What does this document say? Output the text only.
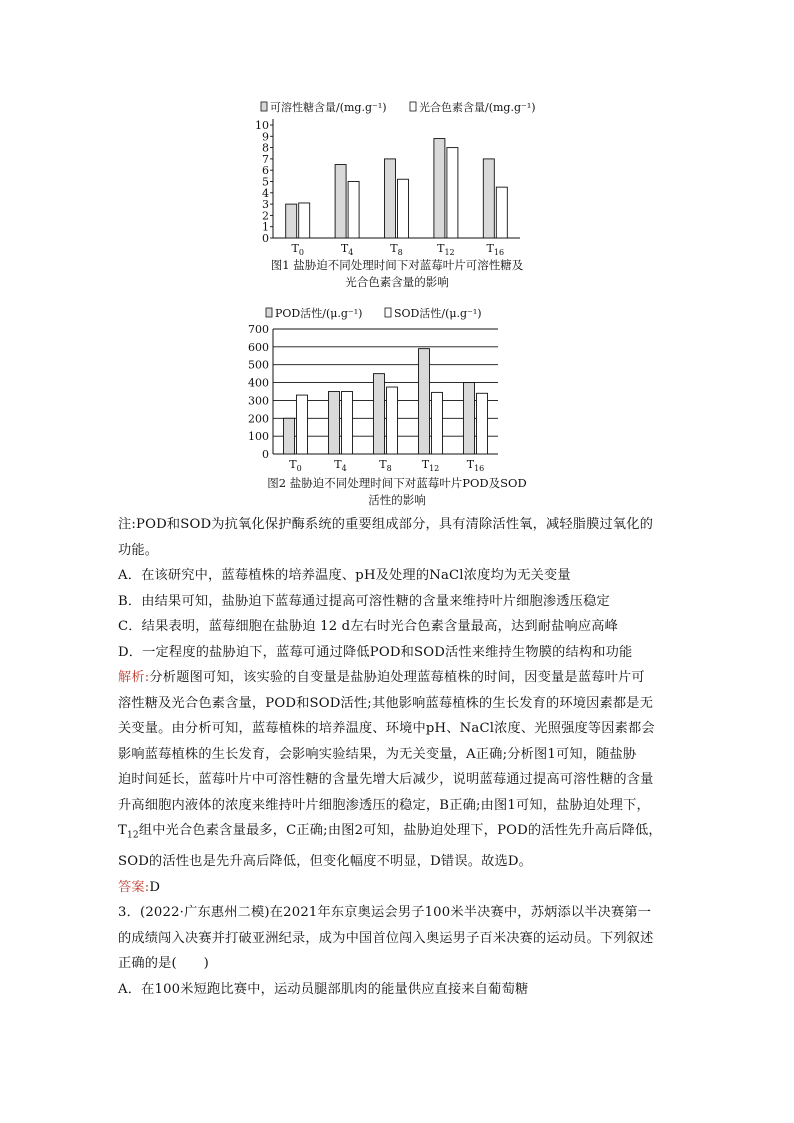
可溶性糖含量/(mg.g⁻¹)	光合色素含量/(mg.g⁻¹)
0
1
2
3
4
5
6
7
8
9
10
$T_0$	$T_4$	$T_8$	$T_{12}$	$T_{16}$
图1 盐胁迫不同处理时间下对蓝莓叶片可溶性糖及
光合色素含量的影响
POD活性/(μ.g⁻¹)	SOD活性/(μ.g⁻¹)
0
100
200
300
400
500
600
700
$T_0$	$T_4$	$T_8$	$T_{12}$ $T_{16}$
图2 盐胁迫不同处理时间下对蓝莓叶片POD及SOD
活性的影响
注:POD和SOD为抗氧化保护酶系统的重要组成部分，具有清除活性氧，减轻脂膜过氧化的
功能。
A．在该研究中，蓝莓植株的培养温度、pH及处理的NaCl浓度均为无关变量
B．由结果可知，盐胁迫下蓝莓通过提高可溶性糖的含量来维持叶片细胞渗透压稳定
C．结果表明，蓝莓细胞在盐胁迫 12 d左右时光合色素含量最高，达到耐盐响应高峰
D．一定程度的盐胁迫下，蓝莓可通过降低POD和SOD活性来维持生物膜的结构和功能
解析:分析题图可知，该实验的自变量是盐胁迫处理蓝莓植株的时间，因变量是蓝莓叶片可
溶性糖及光合色素含量，POD和SOD活性;其他影响蓝莓植株的生长发育的环境因素都是无
关变量。由分析可知，蓝莓植株的培养温度、环境中pH、NaCl浓度、光照强度等因素都会
影响蓝莓植株的生长发育，会影响实验结果，为无关变量，A正确;分析图1可知，随盐胁
迫时间延长，蓝莓叶片中可溶性糖的含量先增大后减少，说明蓝莓通过提高可溶性糖的含量
升高细胞内液体的浓度来维持叶片细胞渗透压的稳定，B正确;由图1可知，盐胁迫处理下，
$T_{12}$组中光合色素含量最多，C正确;由图2可知，盐胁迫处理下，POD的活性先升高后降低，
SOD的活性也是先升高后降低，但变化幅度不明显，D错误。故选D。
答案:D
3．(2022·广东惠州二模)在2021年东京奥运会男子100米半决赛中，苏炳添以半决赛第一
的成绩闯入决赛并打破亚洲纪录，成为中国首位闯入奥运男子百米决赛的运动员。下列叙述
正确的是(　　)
A．在100米短跑比赛中，运动员腿部肌肉的能量供应直接来自葡萄糖
